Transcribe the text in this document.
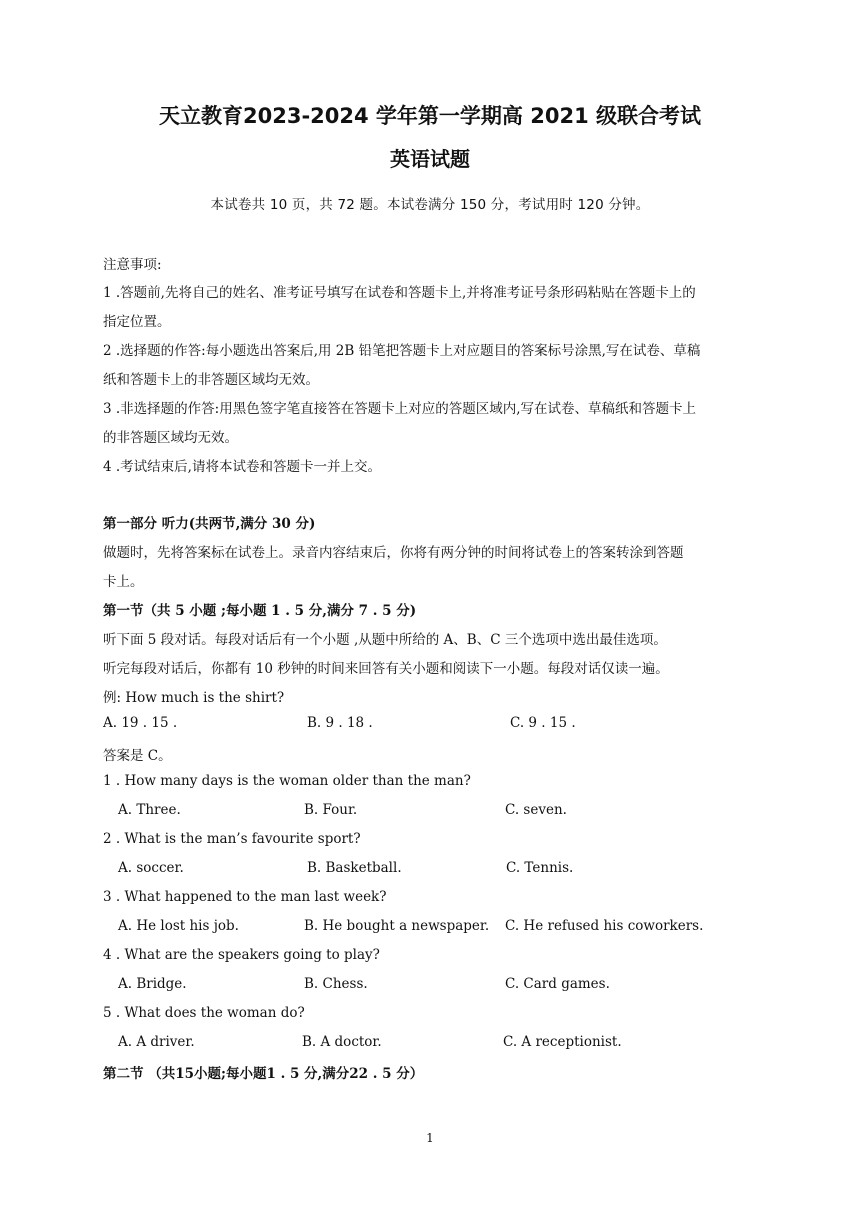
天立教育2023-2024 学年第一学期高 2021 级联合考试
英语试题
本试卷共 10 页，共 72 题。本试卷满分 150 分，考试用时 120 分钟。
注意事项:
1 .答题前,先将自己的姓名、准考证号填写在试卷和答题卡上,并将准考证号条形码粘贴在答题卡上的
指定位置。
2 .选择题的作答:每小题选出答案后,用 2B 铅笔把答题卡上对应题目的答案标号涂黑,写在试卷、草稿
纸和答题卡上的非答题区域均无效。
3 .非选择题的作答:用黑色签字笔直接答在答题卡上对应的答题区域内,写在试卷、草稿纸和答题卡上
的非答题区域均无效。
4 .考试结束后,请将本试卷和答题卡一并上交。
第一部分 听力(共两节,满分 30 分)
做题时，先将答案标在试卷上。录音内容结束后，你将有两分钟的时间将试卷上的答案转涂到答题
卡上。
第一节（共 5 小题 ;每小题 1 . 5 分,满分 7 . 5 分)
听下面 5 段对话。每段对话后有一个小题 ,从题中所给的 A、B、C 三个选项中选出最佳选项。
听完每段对话后，你都有 10 秒钟的时间来回答有关小题和阅读下一小题。每段对话仅读一遍。
例: How much is the shirt?
A. 19 . 15 .	B. 9 . 18 .	C. 9 . 15 .
答案是 C。
1 . How many days is the woman older than the man?
A. Three.	B. Four.	C. seven.
2 . What is the man’s favourite sport?
A. soccer.	B. Basketball.	C. Tennis.
3 . What happened to the man last week?
A. He lost his job.	B. He bought a newspaper. C. He refused his coworkers.
4 . What are the speakers going to play?
A. Bridge.	B. Chess.	C. Card games.
5 . What does the woman do?
A. A driver.	B. A doctor.	C. A receptionist.
第二节 （共15小题;每小题1 . 5 分,满分22 . 5 分）
1
